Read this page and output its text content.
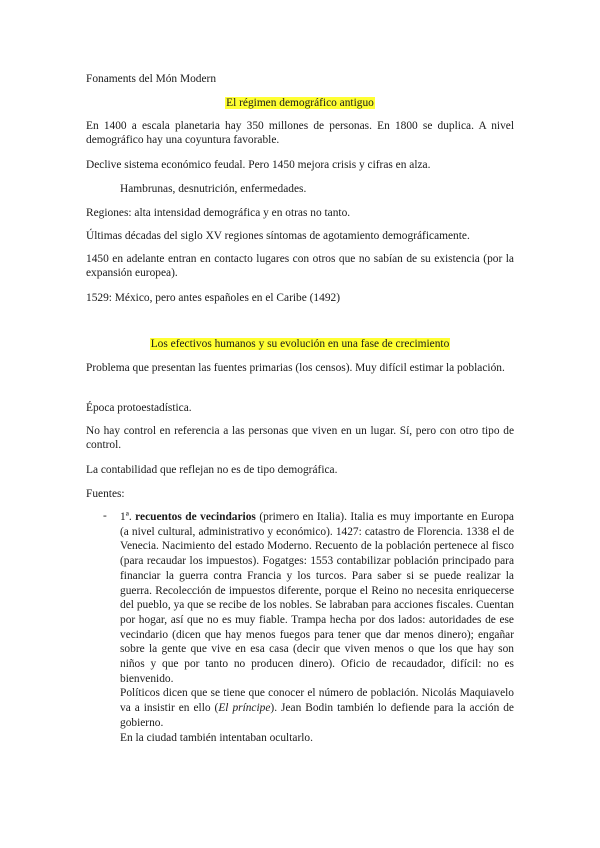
Fonaments del Món Modern
El régimen demográfico antiguo
En 1400 a escala planetaria hay 350 millones de personas. En 1800 se duplica. A nivel demográfico hay una coyuntura favorable.
Declive sistema económico feudal. Pero 1450 mejora crisis y cifras en alza.
Hambrunas, desnutrición, enfermedades.
Regiones: alta intensidad demográfica y en otras no tanto.
Últimas décadas del siglo XV regiones síntomas de agotamiento demográficamente.
1450 en adelante entran en contacto lugares con otros que no sabían de su existencia (por la expansión europea).
1529: México, pero antes españoles en el Caribe (1492)
Los efectivos humanos y su evolución en una fase de crecimiento
Problema que presentan las fuentes primarias (los censos). Muy difícil estimar la población.
Época protoestadística.
No hay control en referencia a las personas que viven en un lugar. Sí, pero con otro tipo de control.
La contabilidad que reflejan no es de tipo demográfica.
Fuentes:
- 1ª. recuentos de vecindarios (primero en Italia). Italia es muy importante en Europa (a nivel cultural, administrativo y económico). 1427: catastro de Florencia. 1338 el de Venecia. Nacimiento del estado Moderno. Recuento de la población pertenece al fisco (para recaudar los impuestos). Fogatges: 1553 contabilizar población principado para financiar la guerra contra Francia y los turcos. Para saber si se puede realizar la guerra. Recolección de impuestos diferente, porque el Reino no necesita enriquecerse del pueblo, ya que se recibe de los nobles. Se labraban para acciones fiscales. Cuentan por hogar, así que no es muy fiable. Trampa hecha por dos lados: autoridades de ese vecindario (dicen que hay menos fuegos para tener que dar menos dinero); engañar sobre la gente que vive en esa casa (decir que viven menos o que los que hay son niños y que por tanto no producen dinero). Oficio de recaudador, difícil: no es bienvenido.

Políticos dicen que se tiene que conocer el número de población. Nicolás Maquiavelo va a insistir en ello (El príncipe). Jean Bodin también lo defiende para la acción de gobierno.

En la ciudad también intentaban ocultarlo.
